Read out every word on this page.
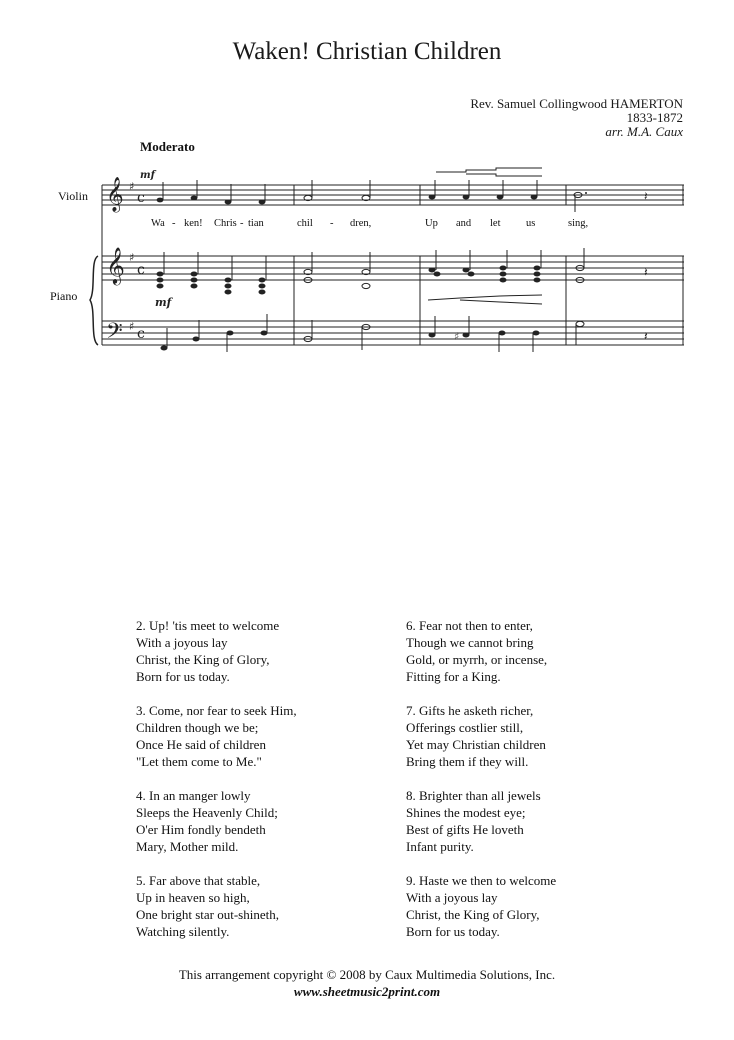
Waken! Christian Children
Rev. Samuel Collingwood HAMERTON
1833-1872
arr. M.A. Caux
Moderato
Violin
Piano
𝄞
𝄞
𝄢
♯
♯
♯
c
c
c
mf
mf
𝄽
𝄽
♯	𝄽
Wa - ken! Chris - tian	chil - dren,	Up and let us	sing,
2. Up! 'tis meet to welcome
With a joyous lay
Christ, the King of Glory,
Born for us today.
3. Come, nor fear to seek Him,
Children though we be;
Once He said of children
"Let them come to Me."
4. In an manger lowly
Sleeps the Heavenly Child;
O'er Him fondly bendeth
Mary, Mother mild.
5. Far above that stable,
Up in heaven so high,
One bright star out-shineth,
Watching silently.
6. Fear not then to enter,
Though we cannot bring
Gold, or myrrh, or incense,
Fitting for a King.
7. Gifts he asketh richer,
Offerings costlier still,
Yet may Christian children
Bring them if they will.
8. Brighter than all jewels
Shines the modest eye;
Best of gifts He loveth
Infant purity.
9. Haste we then to welcome
With a joyous lay
Christ, the King of Glory,
Born for us today.
This arrangement copyright © 2008 by Caux Multimedia Solutions, Inc.
www.sheetmusic2print.com
